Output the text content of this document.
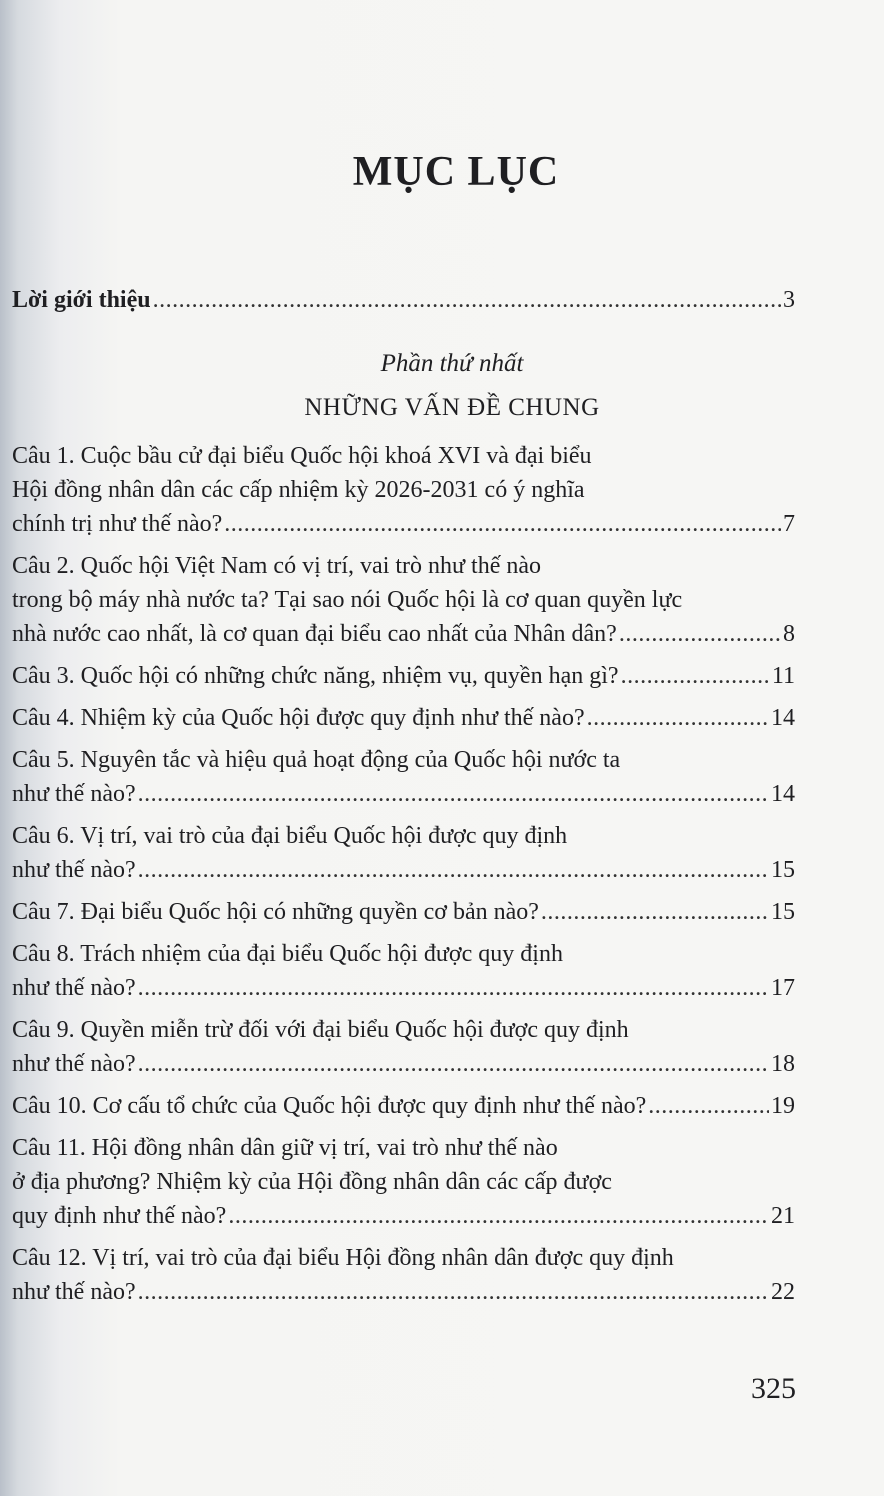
MỤC LỤC
Lời giới thiệu .....	3
Phần thứ nhất
NHỮNG VẤN ĐỀ CHUNG
Câu 1. Cuộc bầu cử đại biểu Quốc hội khoá XVI và đại biểu
Hội đồng nhân dân các cấp nhiệm kỳ 2026-2031 có ý nghĩa
chính trị như thế nào? .....	7
Câu 2. Quốc hội Việt Nam có vị trí, vai trò như thế nào
trong bộ máy nhà nước ta? Tại sao nói Quốc hội là cơ quan quyền lực
nhà nước cao nhất, là cơ quan đại biểu cao nhất của Nhân dân? .....	8
Câu 3. Quốc hội có những chức năng, nhiệm vụ, quyền hạn gì? .....	11
Câu 4. Nhiệm kỳ của Quốc hội được quy định như thế nào? .....	14
Câu 5. Nguyên tắc và hiệu quả hoạt động của Quốc hội nước ta
như thế nào? .....	14
Câu 6. Vị trí, vai trò của đại biểu Quốc hội được quy định
như thế nào? .....	15
Câu 7. Đại biểu Quốc hội có những quyền cơ bản nào? .....	15
Câu 8. Trách nhiệm của đại biểu Quốc hội được quy định
như thế nào? .....	17
Câu 9. Quyền miễn trừ đối với đại biểu Quốc hội được quy định
như thế nào? .....	18
Câu 10. Cơ cấu tổ chức của Quốc hội được quy định như thế nào? .....	19
Câu 11. Hội đồng nhân dân giữ vị trí, vai trò như thế nào
ở địa phương? Nhiệm kỳ của Hội đồng nhân dân các cấp được
quy định như thế nào? .....	21
Câu 12. Vị trí, vai trò của đại biểu Hội đồng nhân dân được quy định
như thế nào? .....	22
325
